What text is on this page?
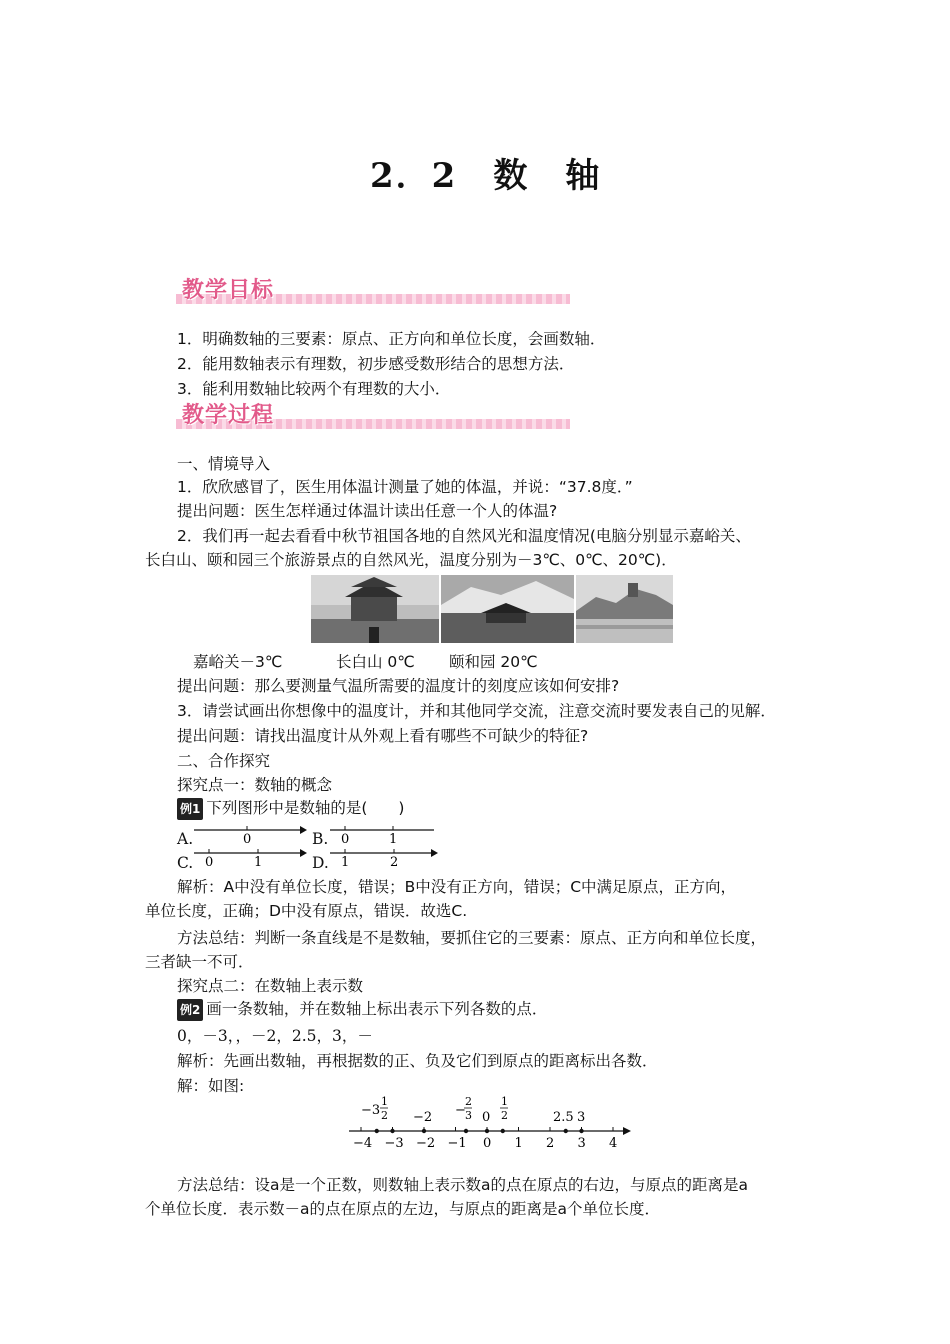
2．2　数　轴
教学目标
1．明确数轴的三要素：原点、正方向和单位长度，会画数轴．
2．能用数轴表示有理数，初步感受数形结合的思想方法．
3．能利用数轴比较两个有理数的大小．
教学过程
一、情境导入
1．欣欣感冒了，医生用体温计测量了她的体温，并说：“37.8度．”
提出问题：医生怎样通过体温计读出任意一个人的体温?
2．我们再一起去看看中秋节祖国各地的自然风光和温度情况(电脑分别显示嘉峪关、
长白山、颐和园三个旅游景点的自然风光，温度分别为－3℃、0℃、20℃)．
嘉峪关－3℃	长白山 0℃ 颐和园 20℃
提出问题：那么要测量气温所需要的温度计的刻度应该如何安排?
3．请尝试画出你想像中的温度计，并和其他同学交流，注意交流时要发表自己的见解．
提出问题：请找出温度计从外观上看有哪些不可缺少的特征?
二、合作探究
探究点一：数轴的概念
例1 下列图形中是数轴的是(　　)
A.	0	B. 0	1
C. 0	1	D. 1	2
解析：A中没有单位长度，错误；B中没有正方向，错误；C中满足原点，正方向，
单位长度，正确；D中没有原点，错误．故选C.
方法总结：判断一条直线是不是数轴，要抓住它的三要素：原点、正方向和单位长度，
三者缺一不可．
探究点二：在数轴上表示数
例2 画一条数轴，并在数轴上标出表示下列各数的点．
0，－3，，－2，2.5，3，－
解析：先画出数轴，再根据数的正、负及它们到原点的距离标出各数．
解：如图:
−3
1
2 −2 −
2
3 0
1
2	2.5 3
−4 −3 −2 −1 0 1 2 3 4
方法总结：设a是一个正数，则数轴上表示数a的点在原点的右边，与原点的距离是a
个单位长度．表示数－a的点在原点的左边，与原点的距离是a个单位长度．
